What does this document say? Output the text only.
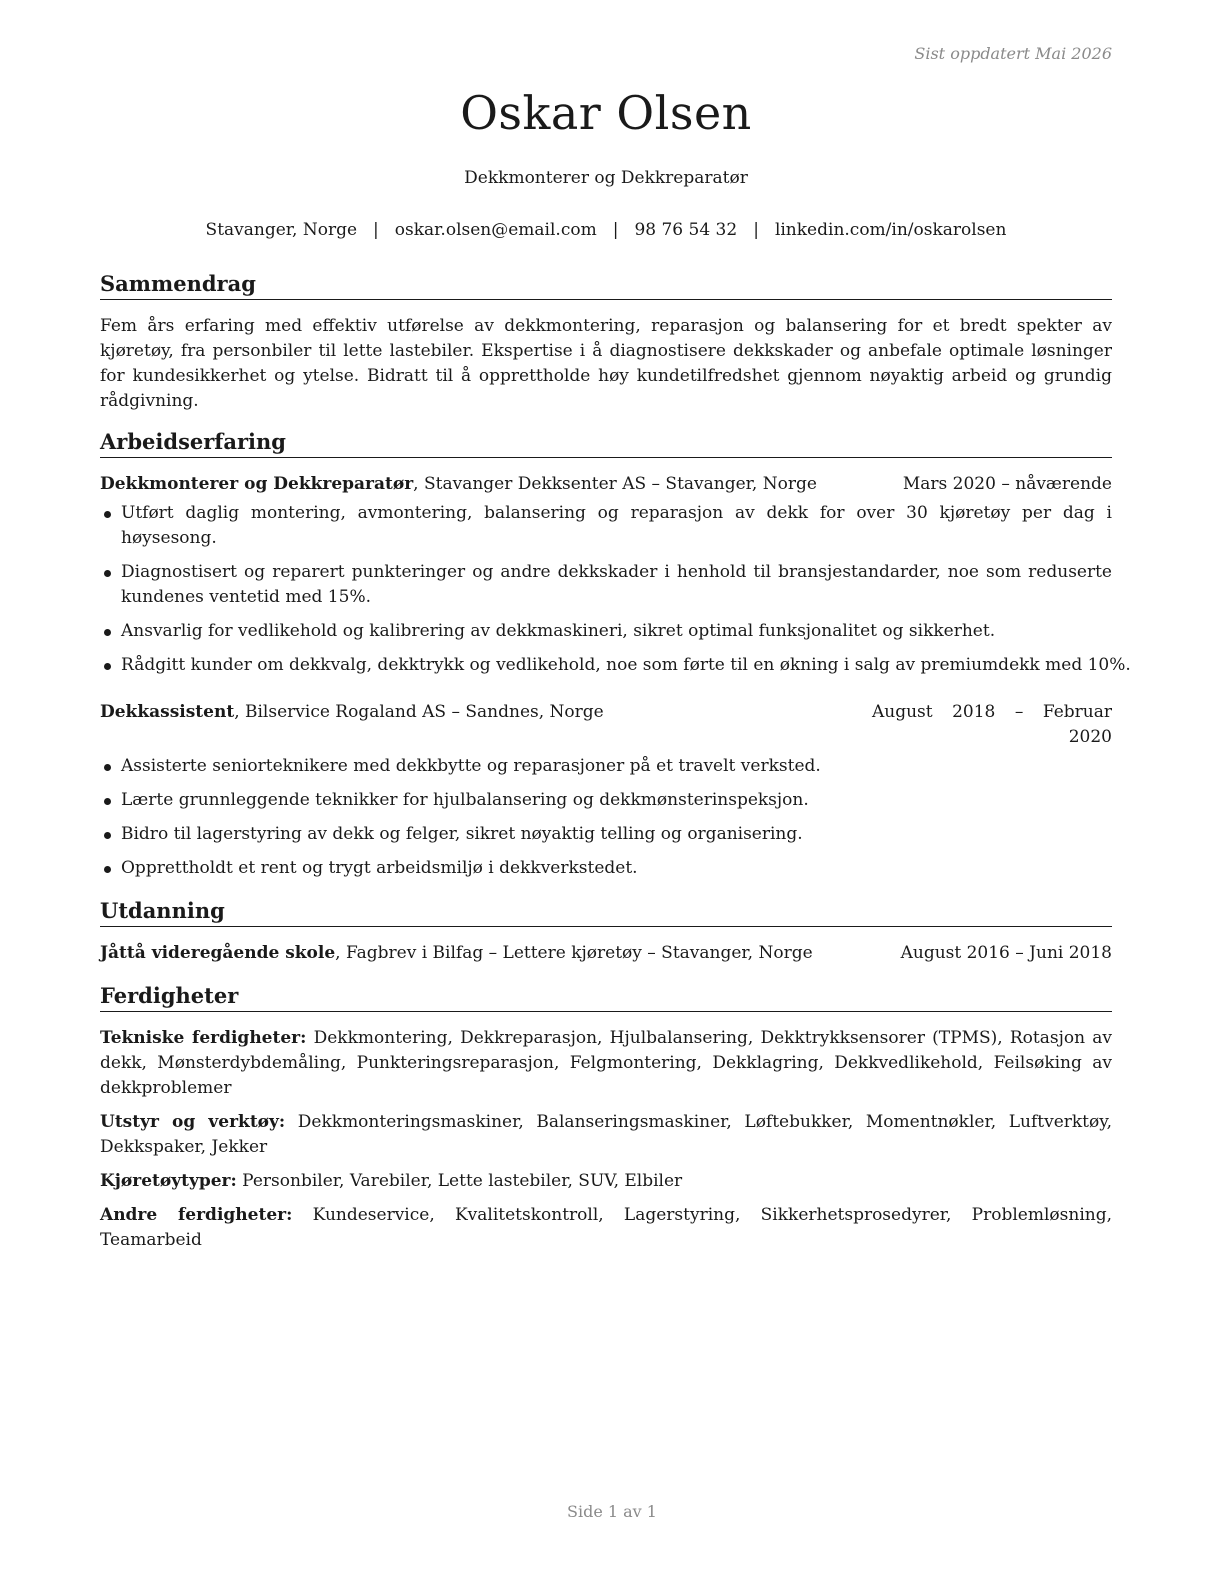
Sist oppdatert Mai 2026
Oskar Olsen
Dekkmonterer og Dekkreparatør
Stavanger, Norge | oskar.olsen@email.com | 98 76 54 32 | linkedin.com/in/oskarolsen
Sammendrag
Fem års erfaring med effektiv utførelse av dekkmontering, reparasjon og balansering for et bredt spekter av kjøretøy, fra personbiler til lette lastebiler. Ekspertise i å diagnostisere dekkskader og anbefale optimale løsninger for kundesikkerhet og ytelse. Bidratt til å opprettholde høy kundetilfredshet gjennom nøyaktig arbeid og grundig rådgivning.
Arbeidserfaring
Dekkmonterer og Dekkreparatør, Stavanger Dekksenter AS – Stavanger, Norge	Mars 2020 – nåværende
Utført daglig montering, avmontering, balansering og reparasjon av dekk for over 30 kjøretøy per dag i høysesong.
Diagnostisert og reparert punkteringer og andre dekkskader i henhold til bransjestandarder, noe som reduserte kundenes ventetid med 15%.
Ansvarlig for vedlikehold og kalibrering av dekkmaskineri, sikret optimal funksjonalitet og sikkerhet.
Rådgitt kunder om dekkvalg, dekktrykk og vedlikehold, noe som førte til en økning i salg av premiumdekk med 10%.
Dekkassistent, Bilservice Rogaland AS – Sandnes, Norge	August 2018 – Februar 2020
Assisterte seniorteknikere med dekkbytte og reparasjoner på et travelt verksted.
Lærte grunnleggende teknikker for hjulbalansering og dekkmønsterinspeksjon.
Bidro til lagerstyring av dekk og felger, sikret nøyaktig telling og organisering.
Opprettholdt et rent og trygt arbeidsmiljø i dekkverkstedet.
Utdanning
Jåttå videregående skole, Fagbrev i Bilfag – Lettere kjøretøy – Stavanger, Norge	August 2016 – Juni 2018
Ferdigheter
Tekniske ferdigheter: Dekkmontering, Dekkreparasjon, Hjulbalansering, Dekktrykksensorer (TPMS), Rotasjon av dekk, Mønsterdybdemåling, Punkteringsreparasjon, Felgmontering, Dekklagring, Dekkvedlikehold, Feilsøking av dekkproblemer
Utstyr og verktøy: Dekkmonteringsmaskiner, Balanseringsmaskiner, Løftebukker, Momentnøkler, Luftverktøy, Dekkspaker, Jekker
Kjøretøytyper: Personbiler, Varebiler, Lette lastebiler, SUV, Elbiler
Andre ferdigheter: Kundeservice, Kvalitetskontroll, Lagerstyring, Sikkerhetsprosedyrer, Problemløsning, Teamarbeid
Side 1 av 1
